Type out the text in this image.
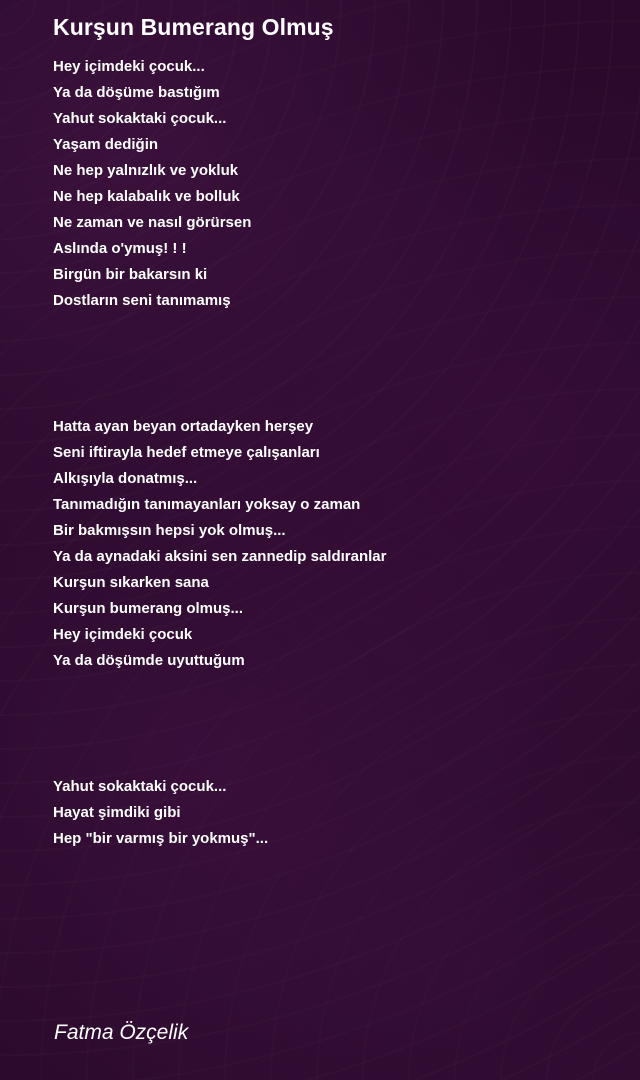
Kurşun Bumerang Olmuş
Hey içimdeki çocuk...
Ya da döşüme bastığım
Yahut sokaktaki çocuk...
Yaşam dediğin
Ne hep yalnızlık ve yokluk
Ne hep kalabalık ve bolluk
Ne zaman ve nasıl görürsen
Aslında o'ymuş! ! !
Birgün bir bakarsın ki
Dostların seni tanımamış
Hatta ayan beyan ortadayken herşey
Seni iftirayla hedef etmeye çalışanları
Alkışıyla donatmış...
Tanımadığın tanımayanları yoksay o zaman
Bir bakmışsın hepsi yok olmuş...
Ya da aynadaki aksini sen zannedip saldıranlar
Kurşun sıkarken sana
Kurşun bumerang olmuş...
Hey içimdeki çocuk
Ya da döşümde uyuttuğum
Yahut sokaktaki çocuk...
Hayat şimdiki gibi
Hep "bir varmış bir yokmuş"...

Fatma Özçelik
